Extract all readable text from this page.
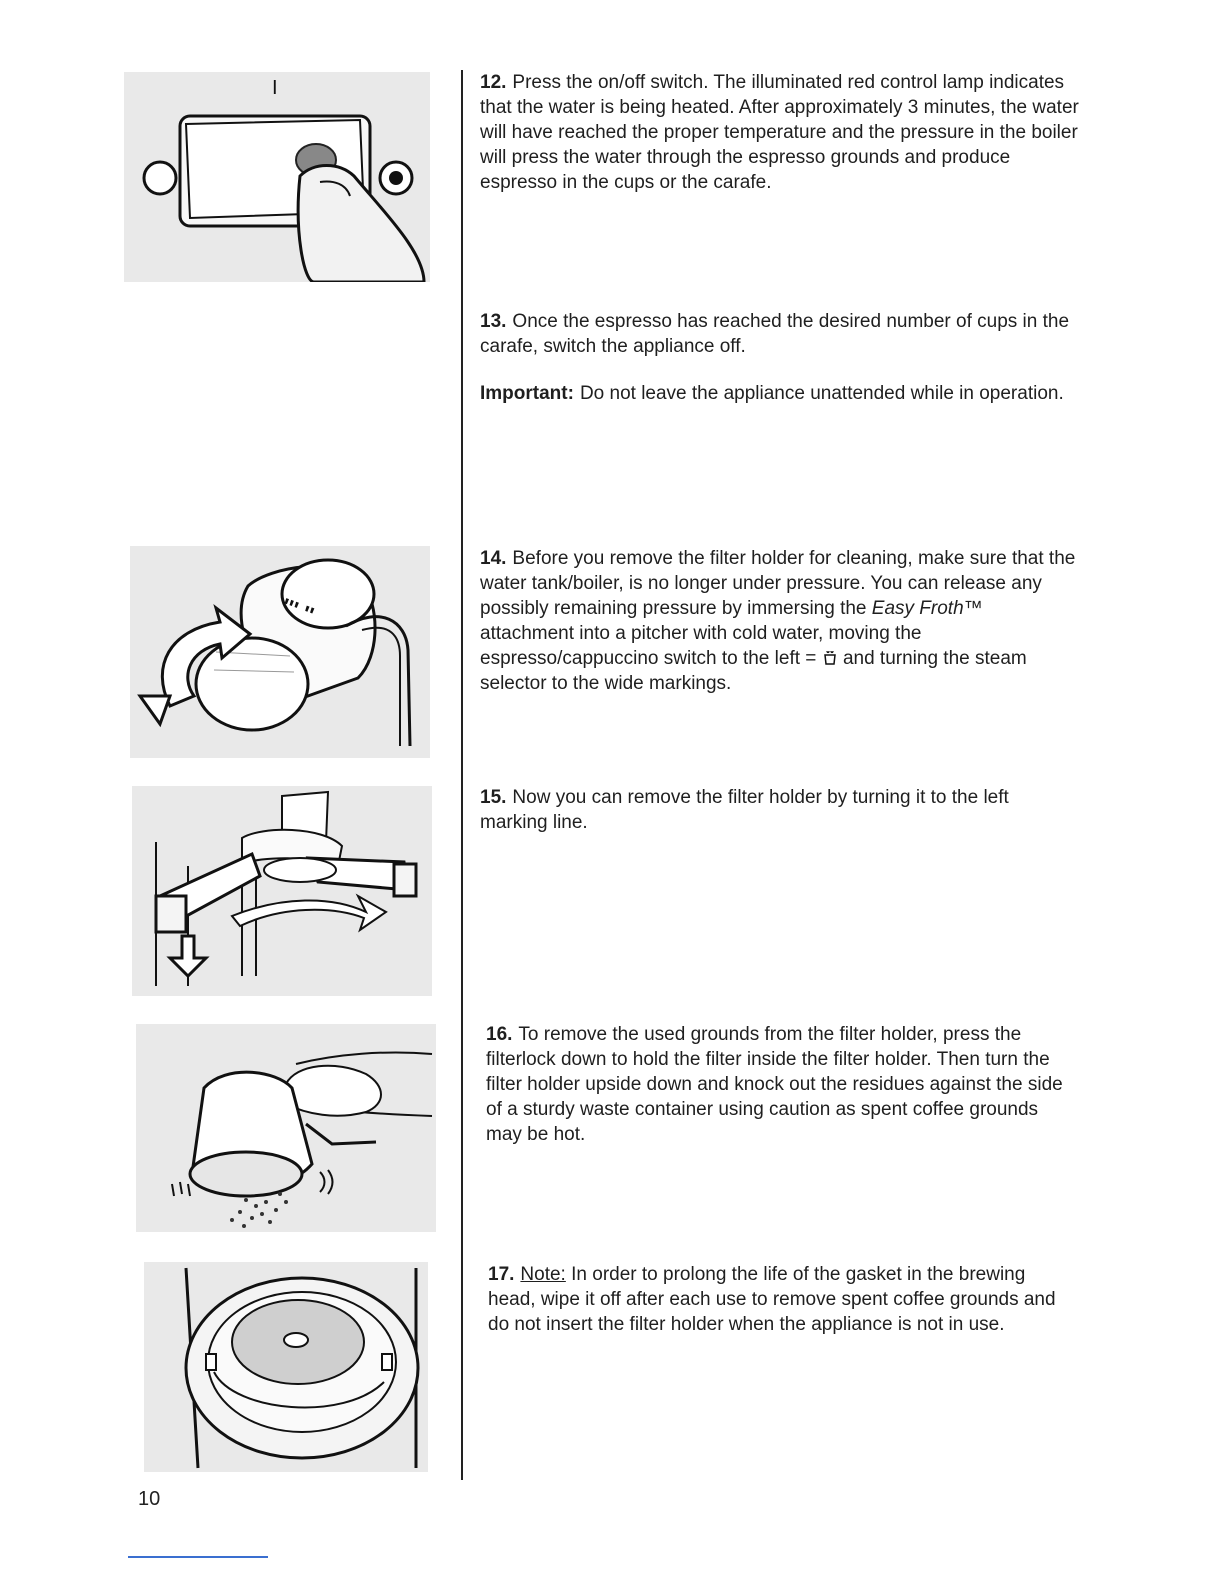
I
''' ''

12. Press the on/off switch. The illuminated red control lamp indicates that the water is being heated. After approximately 3 minutes, the water will have reached the proper temperature and the pressure in the boiler will press the water through the espresso grounds and produce espresso in the cups or the carafe.

13. Once the espresso has reached the desired number of cups in the carafe, switch the appliance off.

Important: Do not leave the appliance unattended while in operation.

14. Before you remove the filter holder for cleaning, make sure that the water tank/boiler, is no longer under pressure. You can release any possibly remaining pressure by immersing the Easy Froth™ attachment into a pitcher with cold water, moving the espresso/cappuccino switch to the left = and turning the steam selector to the wide markings.

15. Now you can remove the filter holder by turning it to the left marking line.

16. To remove the used grounds from the filter holder, press the filterlock down to hold the filter inside the filter holder. Then turn the filter holder upside down and knock out the residues against the side of a sturdy waste container using caution as spent coffee grounds may be hot.

17. Note: In order to prolong the life of the gasket in the brewing head, wipe it off after each use to remove spent coffee grounds and do not insert the filter holder when the appliance is not in use.

10
